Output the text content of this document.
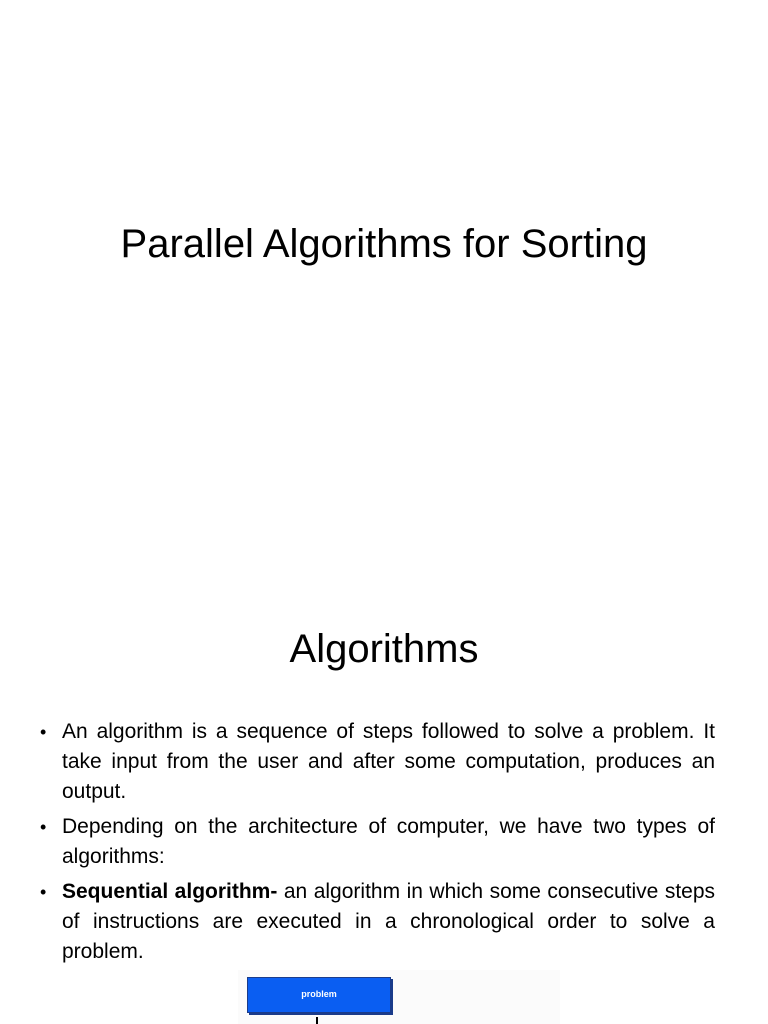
Parallel Algorithms for Sorting
Algorithms
• An algorithm is a sequence of steps followed to solve a problem. It take input from the user and after some computation, produces an output.
• Depending on the architecture of computer, we have two types of algorithms:
• Sequential algorithm- an algorithm in which some consecutive steps of instructions are executed in a chronological order to solve a problem.
problem
